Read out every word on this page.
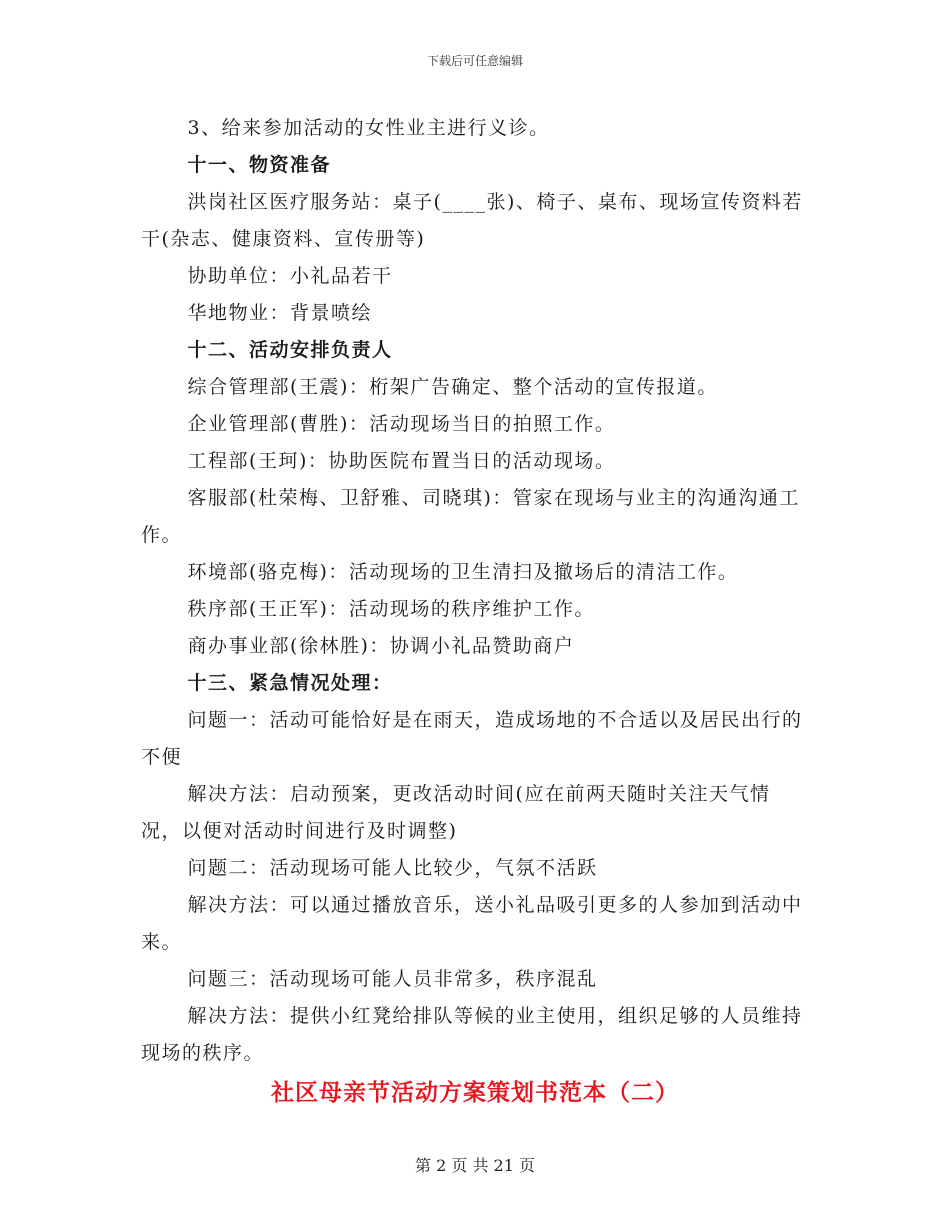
下载后可任意编辑

3、给来参加活动的女性业主进行义诊。

十一、物资准备

洪岗社区医疗服务站：桌子(____张)、椅子、桌布、现场宣传资料若干(杂志、健康资料、宣传册等)

协助单位：小礼品若干

华地物业：背景喷绘

十二、活动安排负责人

综合管理部(王震)：桁架广告确定、整个活动的宣传报道。

企业管理部(曹胜)：活动现场当日的拍照工作。

工程部(王珂)：协助医院布置当日的活动现场。

客服部(杜荣梅、卫舒雅、司晓琪)：管家在现场与业主的沟通沟通工作。

环境部(骆克梅)：活动现场的卫生清扫及撤场后的清洁工作。

秩序部(王正军)：活动现场的秩序维护工作。

商办事业部(徐林胜)：协调小礼品赞助商户

十三、紧急情况处理：

问题一：活动可能恰好是在雨天，造成场地的不合适以及居民出行的不便

解决方法：启动预案，更改活动时间(应在前两天随时关注天气情况，以便对活动时间进行及时调整)

问题二：活动现场可能人比较少，气氛不活跃

解决方法：可以通过播放音乐，送小礼品吸引更多的人参加到活动中来。

问题三：活动现场可能人员非常多，秩序混乱

解决方法：提供小红凳给排队等候的业主使用，组织足够的人员维持现场的秩序。

社区母亲节活动方案策划书范本（二）
第 2 页 共 21 页
